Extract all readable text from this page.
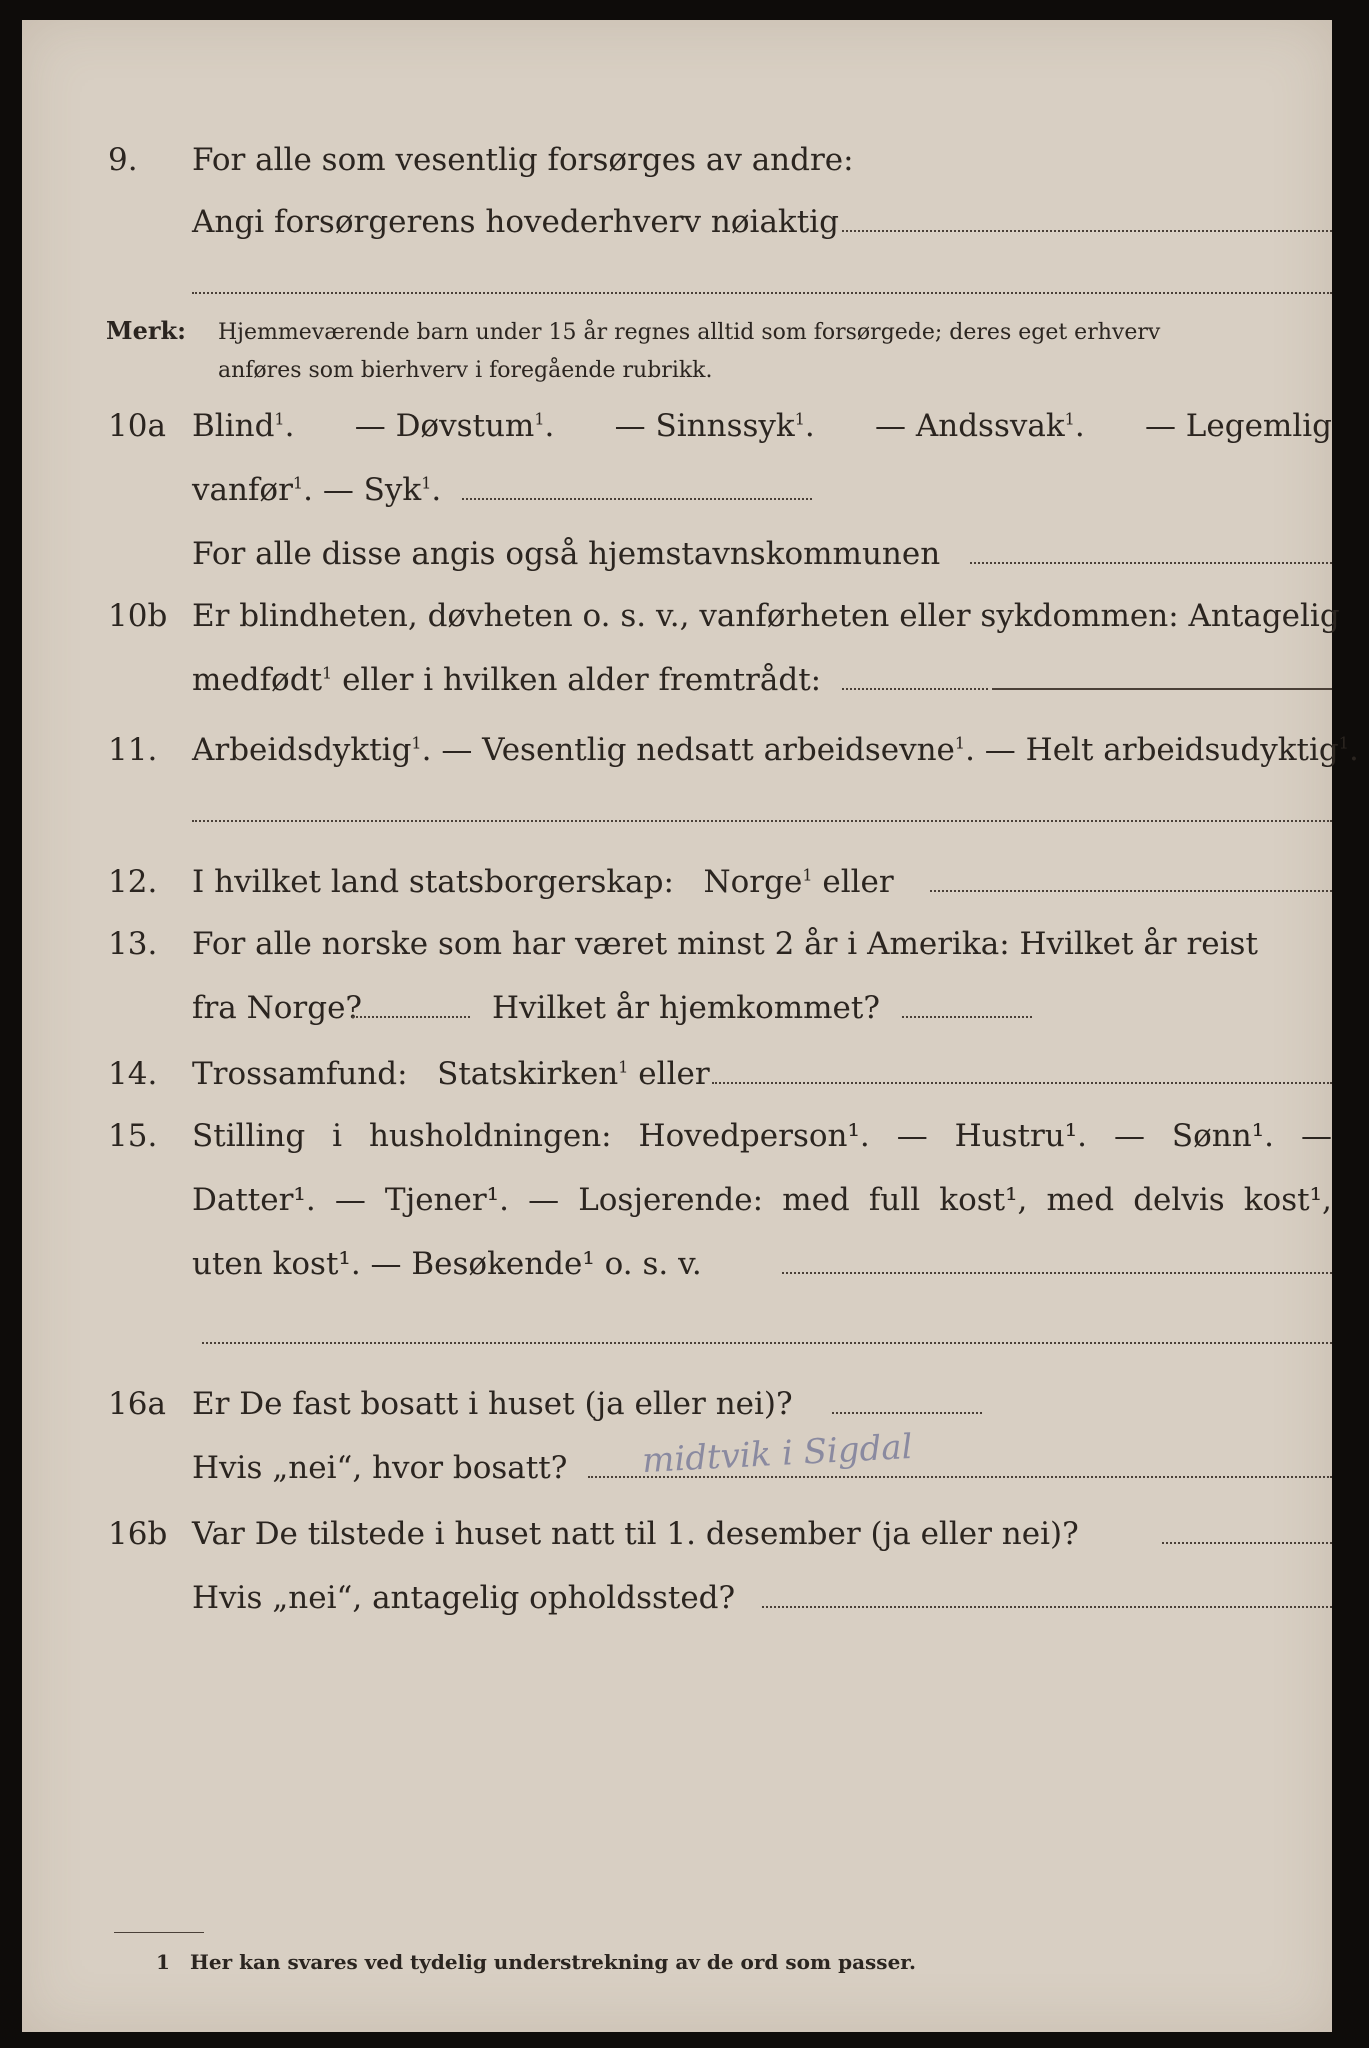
9. For alle som vesentlig forsørges av andre:
Angi forsørgerens hovederhverv nøiaktig
Merk: Hjemmeværende barn under 15 år regnes alltid som forsørgede; deres eget erhverv
anføres som bierhverv i foregående rubrikk.
10a Blind$^1$. — Døvstum$^1$. — Sinnssyk$^1$. — Andssvak$^1$. — Legemlig
vanfør$^1$. — Syk$^1$.
For alle disse angis også hjemstavnskommunen
10b Er blindheten, døvheten o. s. v., vanførheten eller sykdommen: Antagelig
medfødt$^1$ eller i hvilken alder fremtrådt:
11. Arbeidsdyktig$^1$. — Vesentlig nedsatt arbeidsevne$^1$. — Helt arbeidsudyktig$^1$.
12. I hvilket land statsborgerskap: Norge$^1$ eller
13. For alle norske som har været minst 2 år i Amerika: Hvilket år reist
fra Norge?	Hvilket år hjemkommet?
14. Trossamfund: Statskirken$^1$ eller
15. Stilling i husholdningen: Hovedperson¹. — Hustru¹. — Sønn¹. —
Datter¹. — Tjener¹. — Losjerende: med full kost¹, med delvis kost¹,
uten kost¹. — Besøkende¹ o. s. v.
16a Er De fast bosatt i huset (ja eller nei)?
Hvis „nei“, hvor bosatt? midtvik i Sigdal
16b Var De tilstede i huset natt til 1. desember (ja eller nei)?
Hvis „nei“, antagelig opholdssted?
1 Her kan svares ved tydelig understrekning av de ord som passer.
